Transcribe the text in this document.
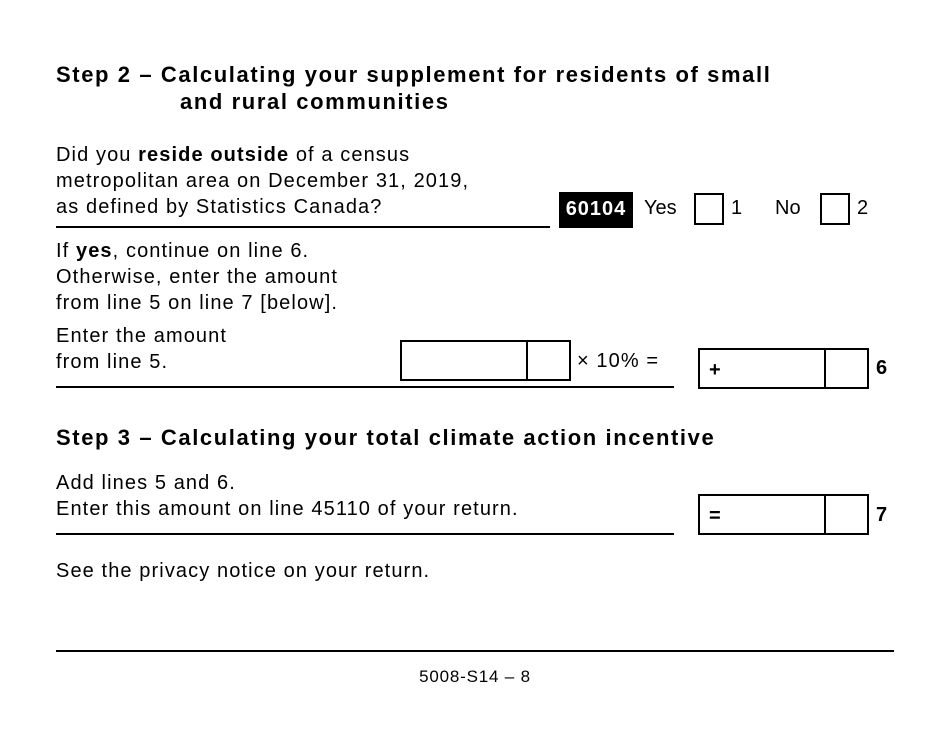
Step 2 – Calculating your supplement for residents of small
and rural communities
Did you reside outside of a census
metropolitan area on December 31, 2019,
as defined by Statistics Canada?	60104 Yes	1 No	2
If yes, continue on line 6.
Otherwise, enter the amount
from line 5 on line 7 [below].
Enter the amount
from line 5.	× 10% = +	6
Step 3 – Calculating your total climate action incentive
Add lines 5 and 6.
Enter this amount on line 45110 of your return.	=	7
See the privacy notice on your return.
5008-S14 – 8
